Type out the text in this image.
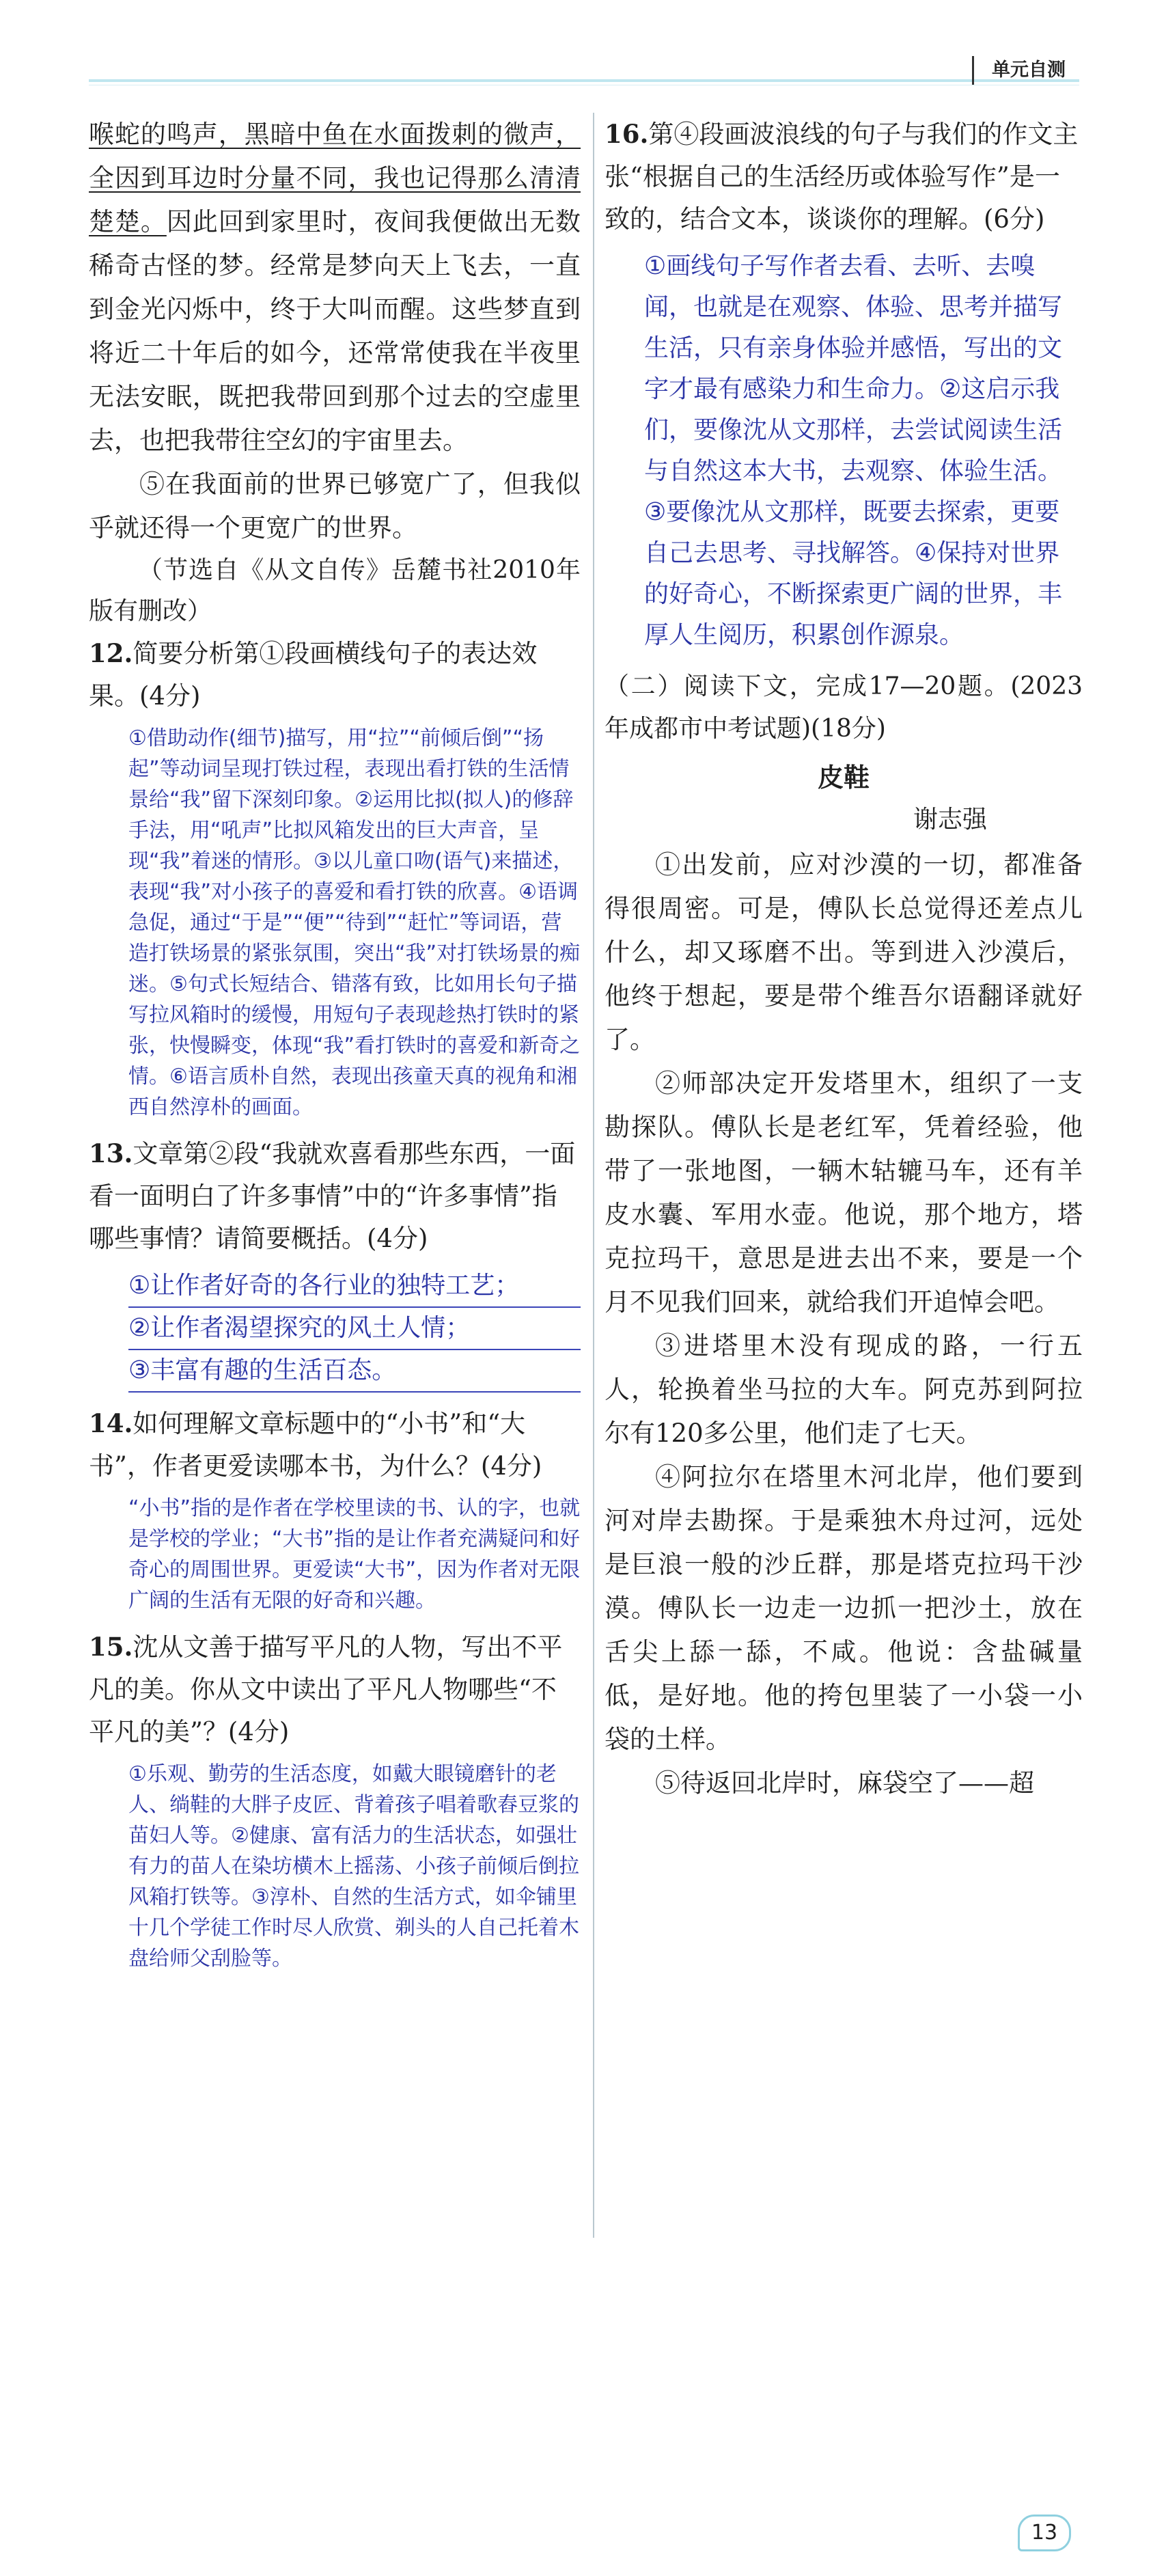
单元自测

喉蛇的鸣声，黑暗中鱼在水面拨刺的微声，全因到耳边时分量不同，我也记得那么清清楚楚。因此回到家里时，夜间我便做出无数稀奇古怪的梦。经常是梦向天上飞去，一直到金光闪烁中，终于大叫而醒。这些梦直到将近二十年后的如今，还常常使我在半夜里无法安眠，既把我带回到那个过去的空虚里去，也把我带往空幻的宇宙里去。

⑤在我面前的世界已够宽广了，但我似乎就还得一个更宽广的世界。

（节选自《从文自传》岳麓书社2010年版有删改）

12.简要分析第①段画横线句子的表达效果。(4分)
①借助动作(细节)描写，用“拉”“前倾后倒”“扬起”等动词呈现打铁过程，表现出看打铁的生活情景给“我”留下深刻印象。②运用比拟(拟人)的修辞手法，用“吼声”比拟风箱发出的巨大声音，呈现“我”着迷的情形。③以儿童口吻(语气)来描述，表现“我”对小孩子的喜爱和看打铁的欣喜。④语调急促，通过“于是”“便”“待到”“赶忙”等词语，营造打铁场景的紧张氛围，突出“我”对打铁场景的痴迷。⑤句式长短结合、错落有致，比如用长句子描写拉风箱时的缓慢，用短句子表现趁热打铁时的紧张，快慢瞬变，体现“我”看打铁时的喜爱和新奇之情。⑥语言质朴自然，表现出孩童天真的视角和湘西自然淳朴的画面。
13.文章第②段“我就欢喜看那些东西，一面看一面明白了许多事情”中的“许多事情”指哪些事情？请简要概括。(4分)
①让作者好奇的各行业的独特工艺；
②让作者渴望探究的风土人情；
③丰富有趣的生活百态。
14.如何理解文章标题中的“小书”和“大书”，作者更爱读哪本书，为什么？(4分)
“小书”指的是作者在学校里读的书、认的字，也就是学校的学业；“大书”指的是让作者充满疑问和好奇心的周围世界。更爱读“大书”，因为作者对无限广阔的生活有无限的好奇和兴趣。
15.沈从文善于描写平凡的人物，写出不平凡的美。你从文中读出了平凡人物哪些“不平凡的美”？(4分)
①乐观、勤劳的生活态度，如戴大眼镜磨针的老人、绱鞋的大胖子皮匠、背着孩子唱着歌舂豆浆的苗妇人等。②健康、富有活力的生活状态，如强壮有力的苗人在染坊横木上摇荡、小孩子前倾后倒拉风箱打铁等。③淳朴、自然的生活方式，如伞铺里十几个学徒工作时尽人欣赏、剃头的人自己托着木盘给师父刮脸等。
16.第④段画波浪线的句子与我们的作文主张“根据自己的生活经历或体验写作”是一致的，结合文本，谈谈你的理解。(6分)
①画线句子写作者去看、去听、去嗅闻，也就是在观察、体验、思考并描写生活，只有亲身体验并感悟，写出的文字才最有感染力和生命力。②这启示我们，要像沈从文那样，去尝试阅读生活与自然这本大书，去观察、体验生活。③要像沈从文那样，既要去探索，更要自己去思考、寻找解答。④保持对世界的好奇心，不断探索更广阔的世界，丰厚人生阅历，积累创作源泉。

（二）阅读下文，完成17—20题。(2023年成都市中考试题)(18分)

皮鞋
谢志强

①出发前，应对沙漠的一切，都准备得很周密。可是，傅队长总觉得还差点儿什么，却又琢磨不出。等到进入沙漠后，他终于想起，要是带个维吾尔语翻译就好了。

②师部决定开发塔里木，组织了一支勘探队。傅队长是老红军，凭着经验，他带了一张地图，一辆木轱辘马车，还有羊皮水囊、军用水壶。他说，那个地方，塔克拉玛干，意思是进去出不来，要是一个月不见我们回来，就给我们开追悼会吧。

③进塔里木没有现成的路，一行五人，轮换着坐马拉的大车。阿克苏到阿拉尔有120多公里，他们走了七天。

④阿拉尔在塔里木河北岸，他们要到河对岸去勘探。于是乘独木舟过河，远处是巨浪一般的沙丘群，那是塔克拉玛干沙漠。傅队长一边走一边抓一把沙土，放在舌尖上舔一舔，不咸。他说：含盐碱量低，是好地。他的挎包里装了一小袋一小袋的土样。

⑤待返回北岸时，麻袋空了——超

13
